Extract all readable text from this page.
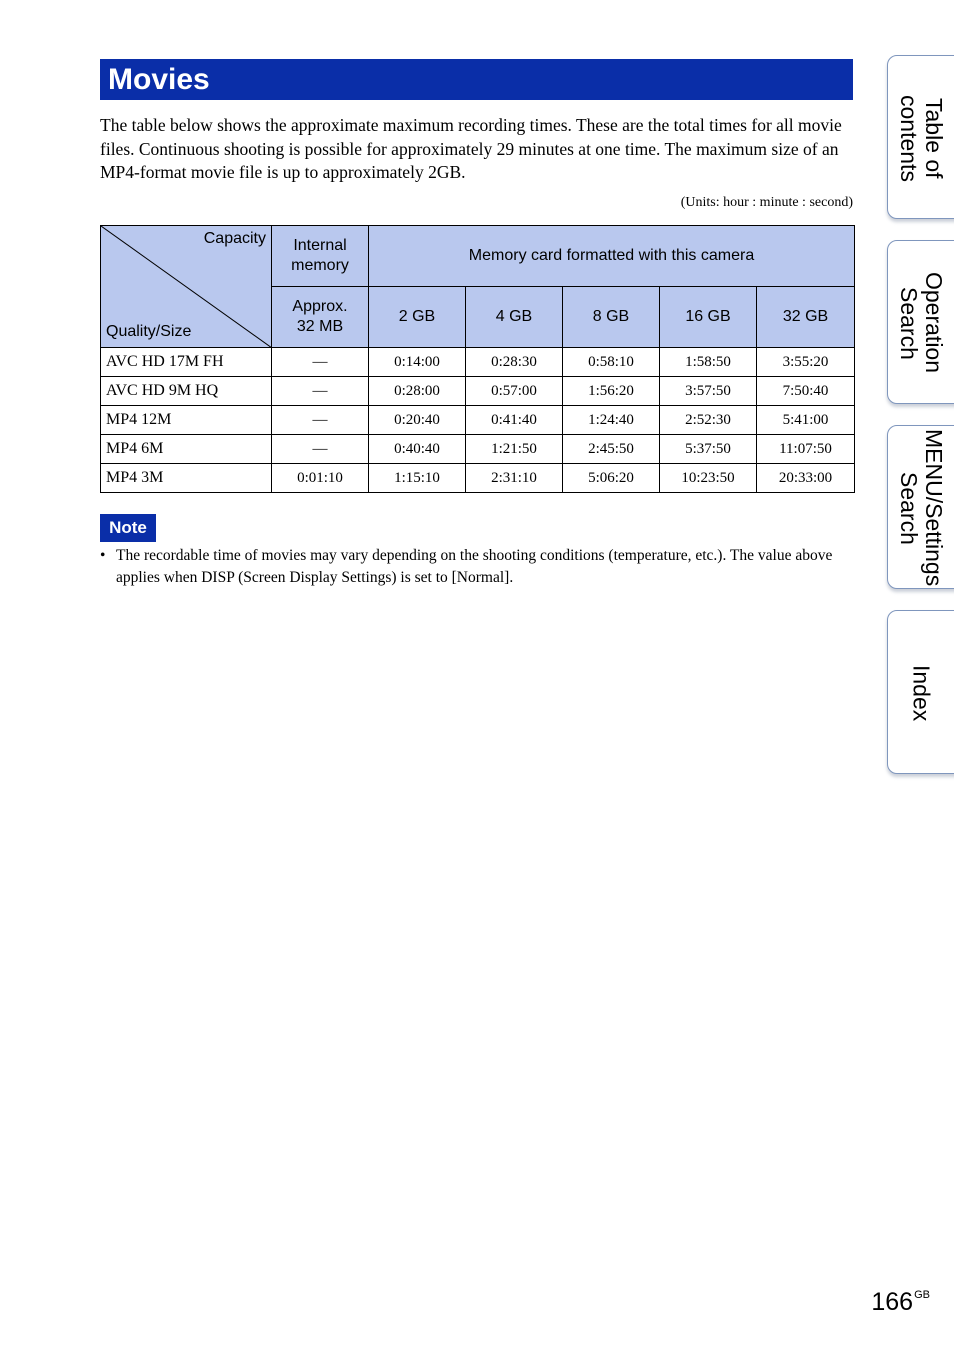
Movies

The table below shows the approximate maximum recording times. These are the total times for all movie files. Continuous shooting is possible for approximately 29 minutes at one time. The maximum size of an MP4-format movie file is up to approximately 2GB.

(Units: hour : minute : second)
Capacity
Quality/Size	Internal memory	Memory card formatted with this camera				
	Approx. 32 MB	2 GB	4 GB	8 GB	16 GB	32 GB
AVC HD 17M FH	—	0:14:00	0:28:30	0:58:10	1:58:50	3:55:20
AVC HD 9M HQ	—	0:28:00	0:57:00	1:56:20	3:57:50	7:50:40
MP4 12M	—	0:20:40	0:41:40	1:24:40	2:52:30	5:41:00
MP4 6M	—	0:40:40	1:21:50	2:45:50	5:37:50	11:07:50
MP4 3M	0:01:10	1:15:10	2:31:10	5:06:20	10:23:50	20:33:00
Note
• The recordable time of movies may vary depending on the shooting conditions (temperature, etc.). The value above applies when DISP (Screen Display Settings) is set to [Normal].
Table of
contents
Operation
Search
MENU/Settings
Search
Index
$166^{GB}$
